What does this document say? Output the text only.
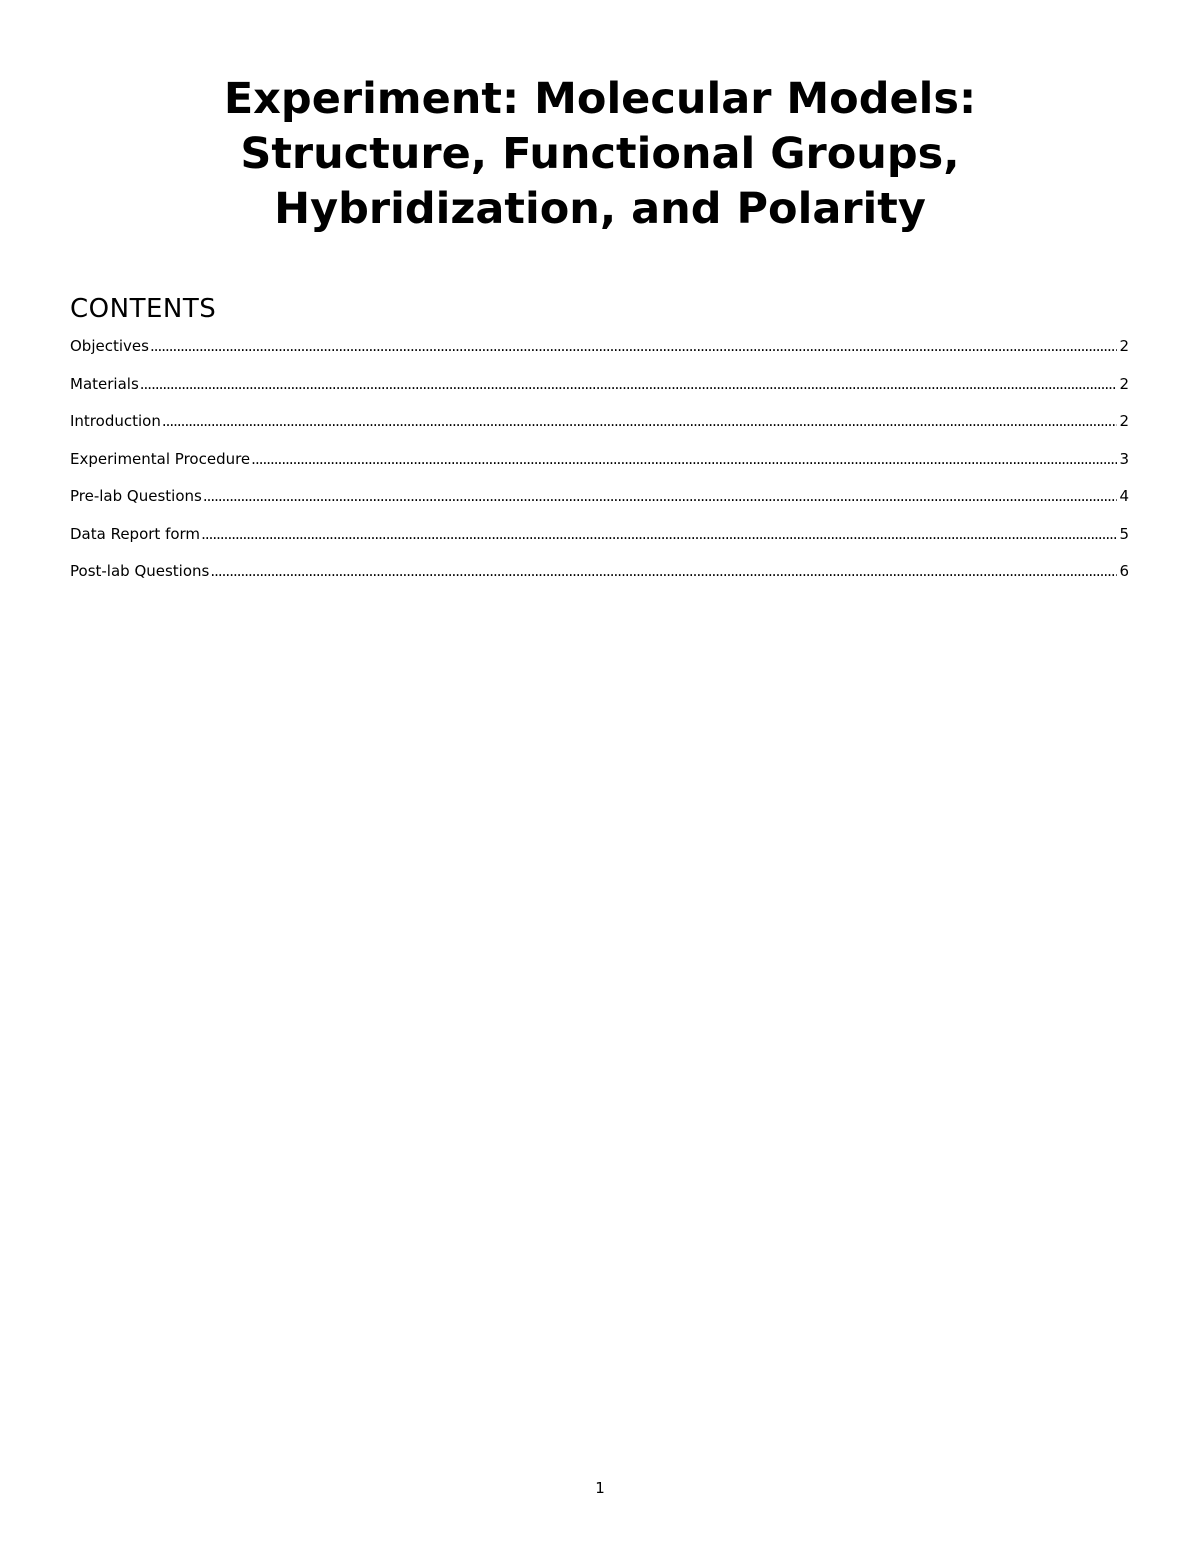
Experiment: Molecular Models:
Structure, Functional Groups,
Hybridization, and Polarity
CONTENTS
Objectives .....	2
Materials .....	2
Introduction .....	2
Experimental Procedure .....	3
Pre-lab Questions .....	4
Data Report form .....	5
Post-lab Questions .....	6
1
